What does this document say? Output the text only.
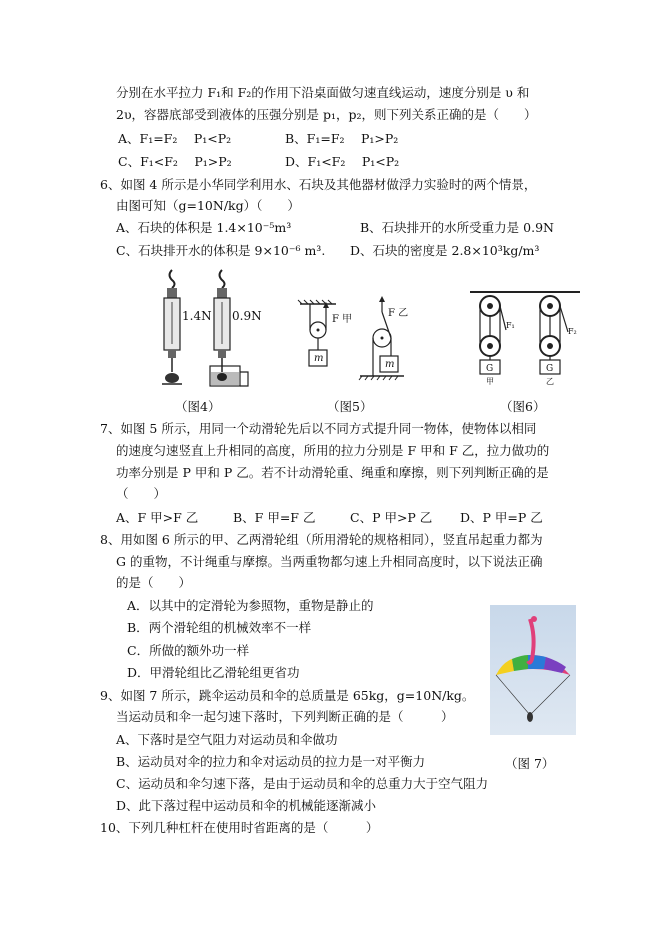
分别在水平拉力 F₁和 F₂的作用下沿桌面做匀速直线运动，速度分别是 υ 和
2υ，容器底部受到液体的压强分别是 p₁，p₂，则下列关系正确的是（　　）
A、F₁=F₂　 P₁<P₂	B、F₁=F₂　 P₁>P₂
C、F₁<F₂　 P₁>P₂	D、F₁<F₂　 P₁<P₂
6、如图 4 所示是小华同学利用水、石块及其他器材做浮力实验时的两个情景，
由图可知（g=10N/kg）（　　）
A、石块的体积是 1.4×10⁻⁵m³	B、石块排开的水所受重力是 0.9N
C、石块排开水的体积是 9×10⁻⁶ m³. D、石块的密度是 2.8×10³kg/m³
1.4N 0.9N	F 甲
F 乙
m
m
F₁
F₂
G	G
甲	乙
（图4）	（图5）	（图6）
7、如图 5 所示，用同一个动滑轮先后以不同方式提升同一物体，使物体以相同
的速度匀速竖直上升相同的高度，所用的拉力分别是 F 甲和 F 乙，拉力做功的
功率分别是 P 甲和 P 乙。若不计动滑轮重、绳重和摩擦，则下列判断正确的是
（　　）
A、F 甲>F 乙	B、F 甲=F 乙	C、P 甲>P 乙 D、P 甲=P 乙
8、用如图 6 所示的甲、乙两滑轮组（所用滑轮的规格相同），竖直吊起重力都为
G 的重物，不计绳重与摩擦。当两重物都匀速上升相同高度时，以下说法正确
的是（　　）
A．以其中的定滑轮为参照物，重物是静止的
B．两个滑轮组的机械效率不一样
C．所做的额外功一样
D．甲滑轮组比乙滑轮组更省功
9、如图 7 所示，跳伞运动员和伞的总质量是 65kg，g=10N/kg。
当运动员和伞一起匀速下落时，下列判断正确的是（　　　）
A、下落时是空气阻力对运动员和伞做功
B、运动员对伞的拉力和伞对运动员的拉力是一对平衡力	（图 7）
C、运动员和伞匀速下落，是由于运动员和伞的总重力大于空气阻力
D、此下落过程中运动员和伞的机械能逐渐减小
10、下列几种杠杆在使用时省距离的是（　　　）
